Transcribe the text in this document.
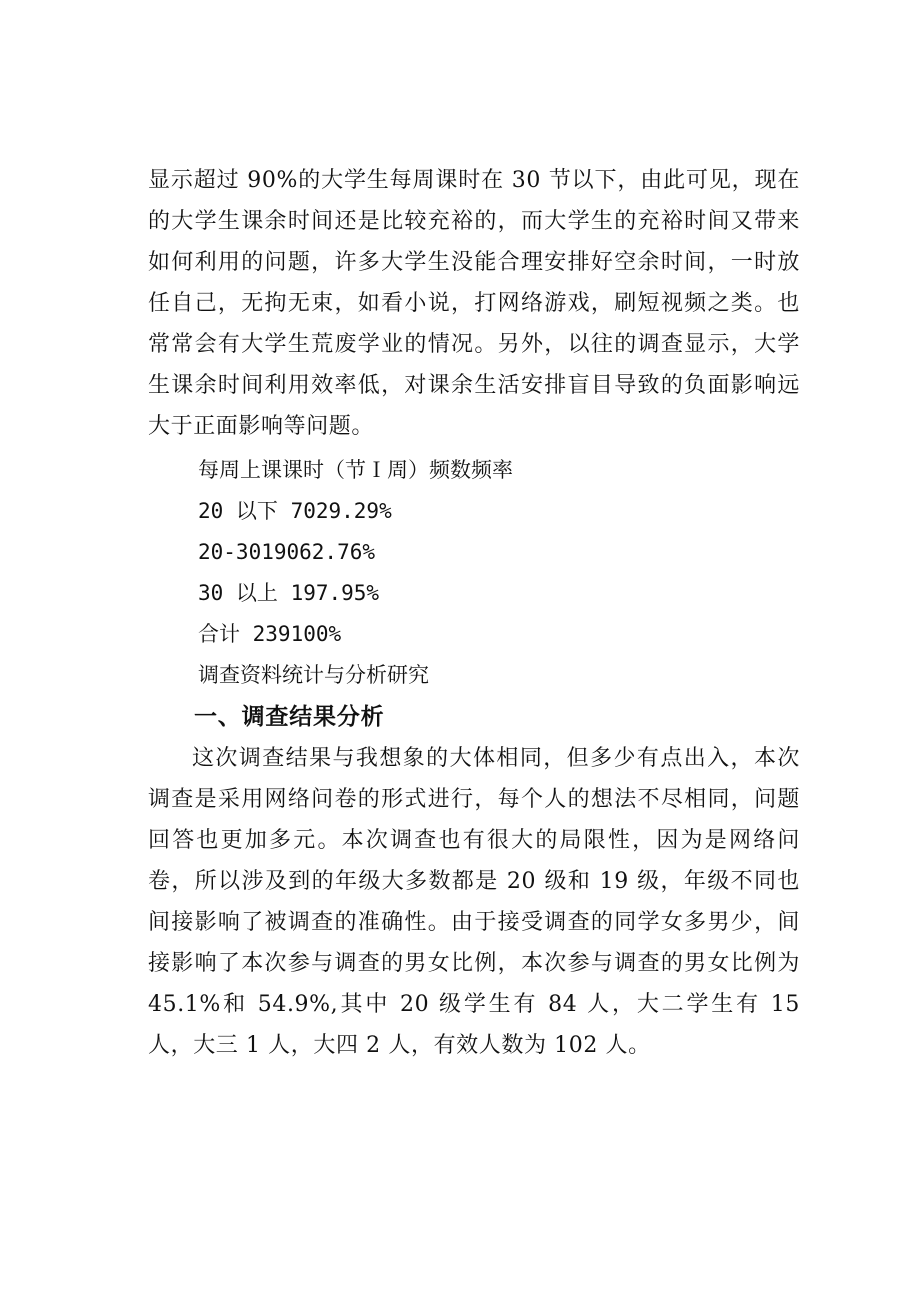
显示超过 90%的大学生每周课时在 30 节以下，由此可见，现在的大学生课余时间还是比较充裕的，而大学生的充裕时间又带来如何利用的问题，许多大学生没能合理安排好空余时间，一时放任自己，无拘无束，如看小说，打网络游戏，刷短视频之类。也常常会有大学生荒废学业的情况。另外，以往的调查显示，大学生课余时间利用效率低，对课余生活安排盲目导致的负面影响远大于正面影响等问题。

每周上课课时（节Ｉ周）频数频率

20 以下 7029.29%

20-3019062.76%

30 以上 197.95%

合计 239100%

调查资料统计与分析研究

一、调查结果分析

这次调查结果与我想象的大体相同，但多少有点出入，本次调查是采用网络问卷的形式进行，每个人的想法不尽相同，问题回答也更加多元。本次调查也有很大的局限性，因为是网络问卷，所以涉及到的年级大多数都是 20 级和 19 级，年级不同也间接影响了被调查的准确性。由于接受调查的同学女多男少，间接影响了本次参与调查的男女比例，本次参与调查的男女比例为 45.1%和 54.9%,其中 20 级学生有 84 人，大二学生有 15 人，大三 1 人，大四 2 人，有效人数为 102 人。
